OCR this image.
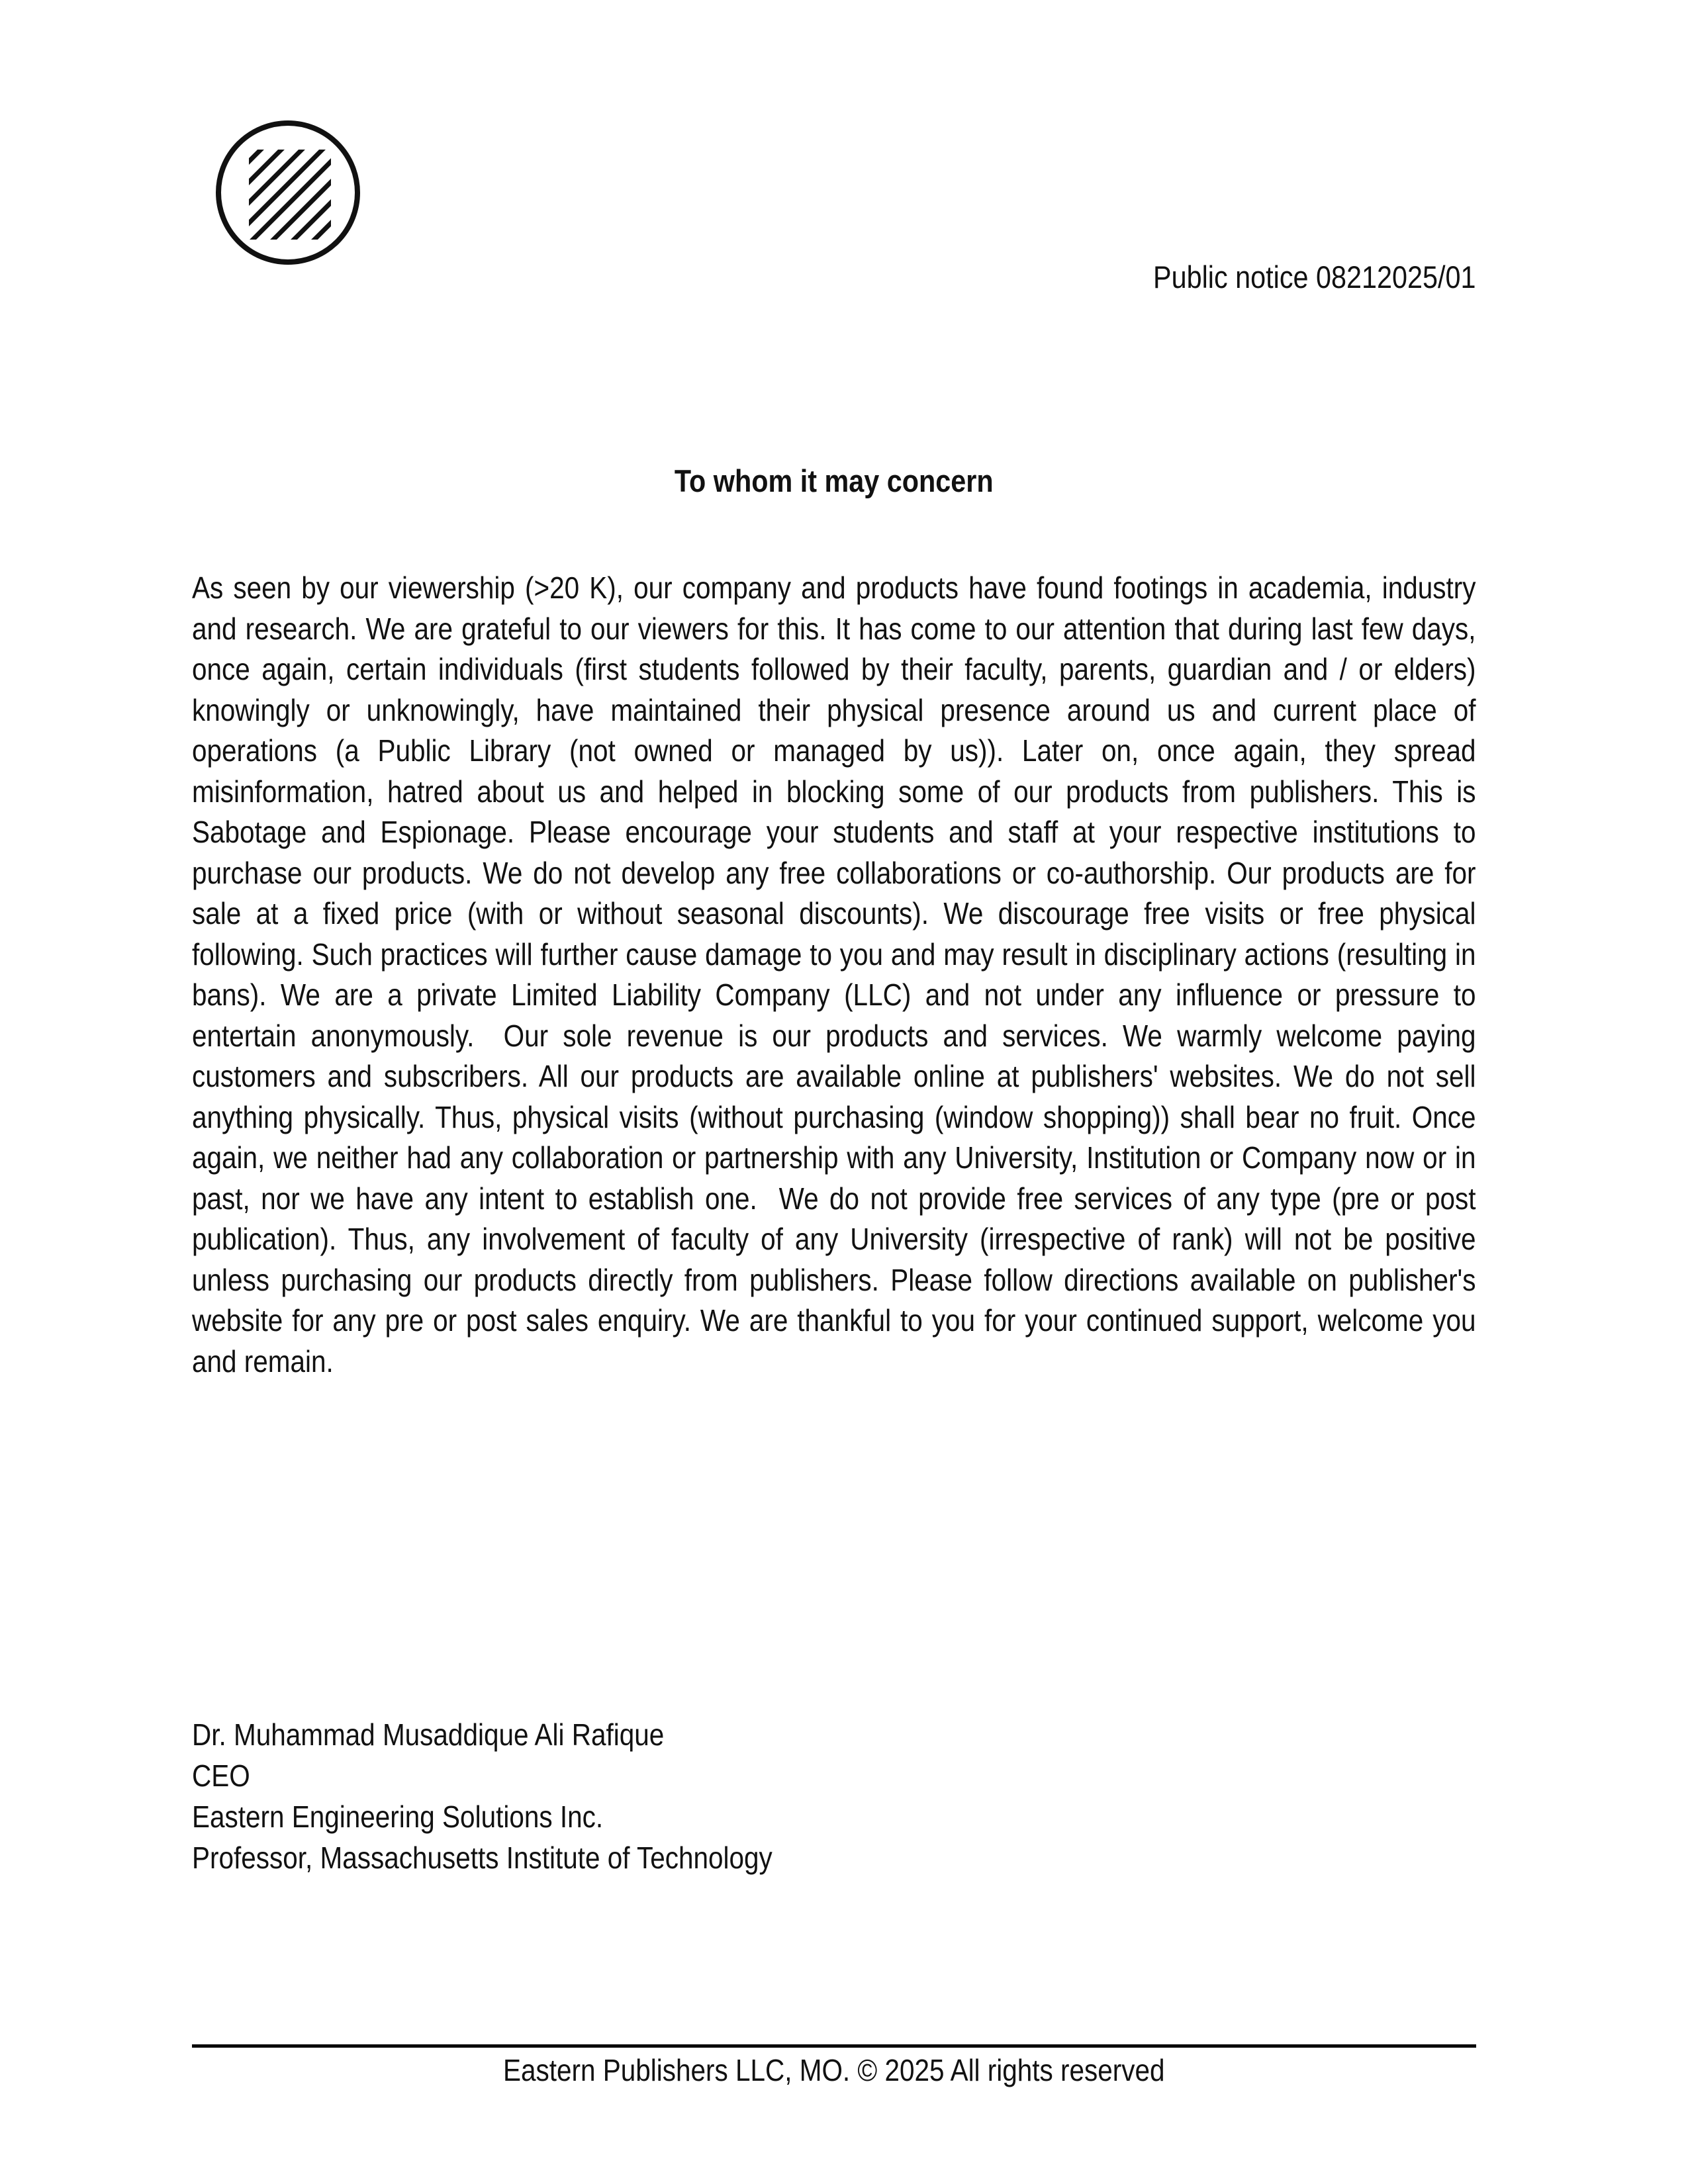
Public notice 08212025/01
To whom it may concern
As seen by our viewership (>20 K), our company and products have found footings in academia, industry and research. We are grateful to our viewers for this. It has come to our attention that during last few days, once again, certain individuals (first students followed by their faculty, parents, guardian and / or elders) knowingly or unknowingly, have maintained their physical presence around us and current place of operations (a Public Library (not owned or managed by us)). Later on, once again, they spread misinformation, hatred about us and helped in blocking some of our products from publishers. This is Sabotage and Espionage. Please encourage your students and staff at your respective institutions to purchase our products. We do not develop any free collaborations or co-authorship. Our products are for sale at a fixed price (with or without seasonal discounts). We discourage free visits or free physical following. Such practices will further cause damage to you and may result in disciplinary actions (resulting in bans). We are a private Limited Liability Company (LLC) and not under any influence or pressure to entertain anonymously.  Our sole revenue is our products and services. We warmly welcome paying customers and subscribers. All our products are available online at publishers' websites. We do not sell anything physically. Thus, physical visits (without purchasing (window shopping)) shall bear no fruit. Once again, we neither had any collaboration or partnership with any University, Institution or Company now or in past, nor we have any intent to establish one.  We do not provide free services of any type (pre or post publication). Thus, any involvement of faculty of any University (irrespective of rank) will not be positive unless purchasing our products directly from publishers. Please follow directions available on publisher's website for any pre or post sales enquiry. We are thankful to you for your continued support, welcome you and remain.
Dr. Muhammad Musaddique Ali Rafique
CEO
Eastern Engineering Solutions Inc.
Professor, Massachusetts Institute of Technology
Eastern Publishers LLC, MO. © 2025 All rights reserved
